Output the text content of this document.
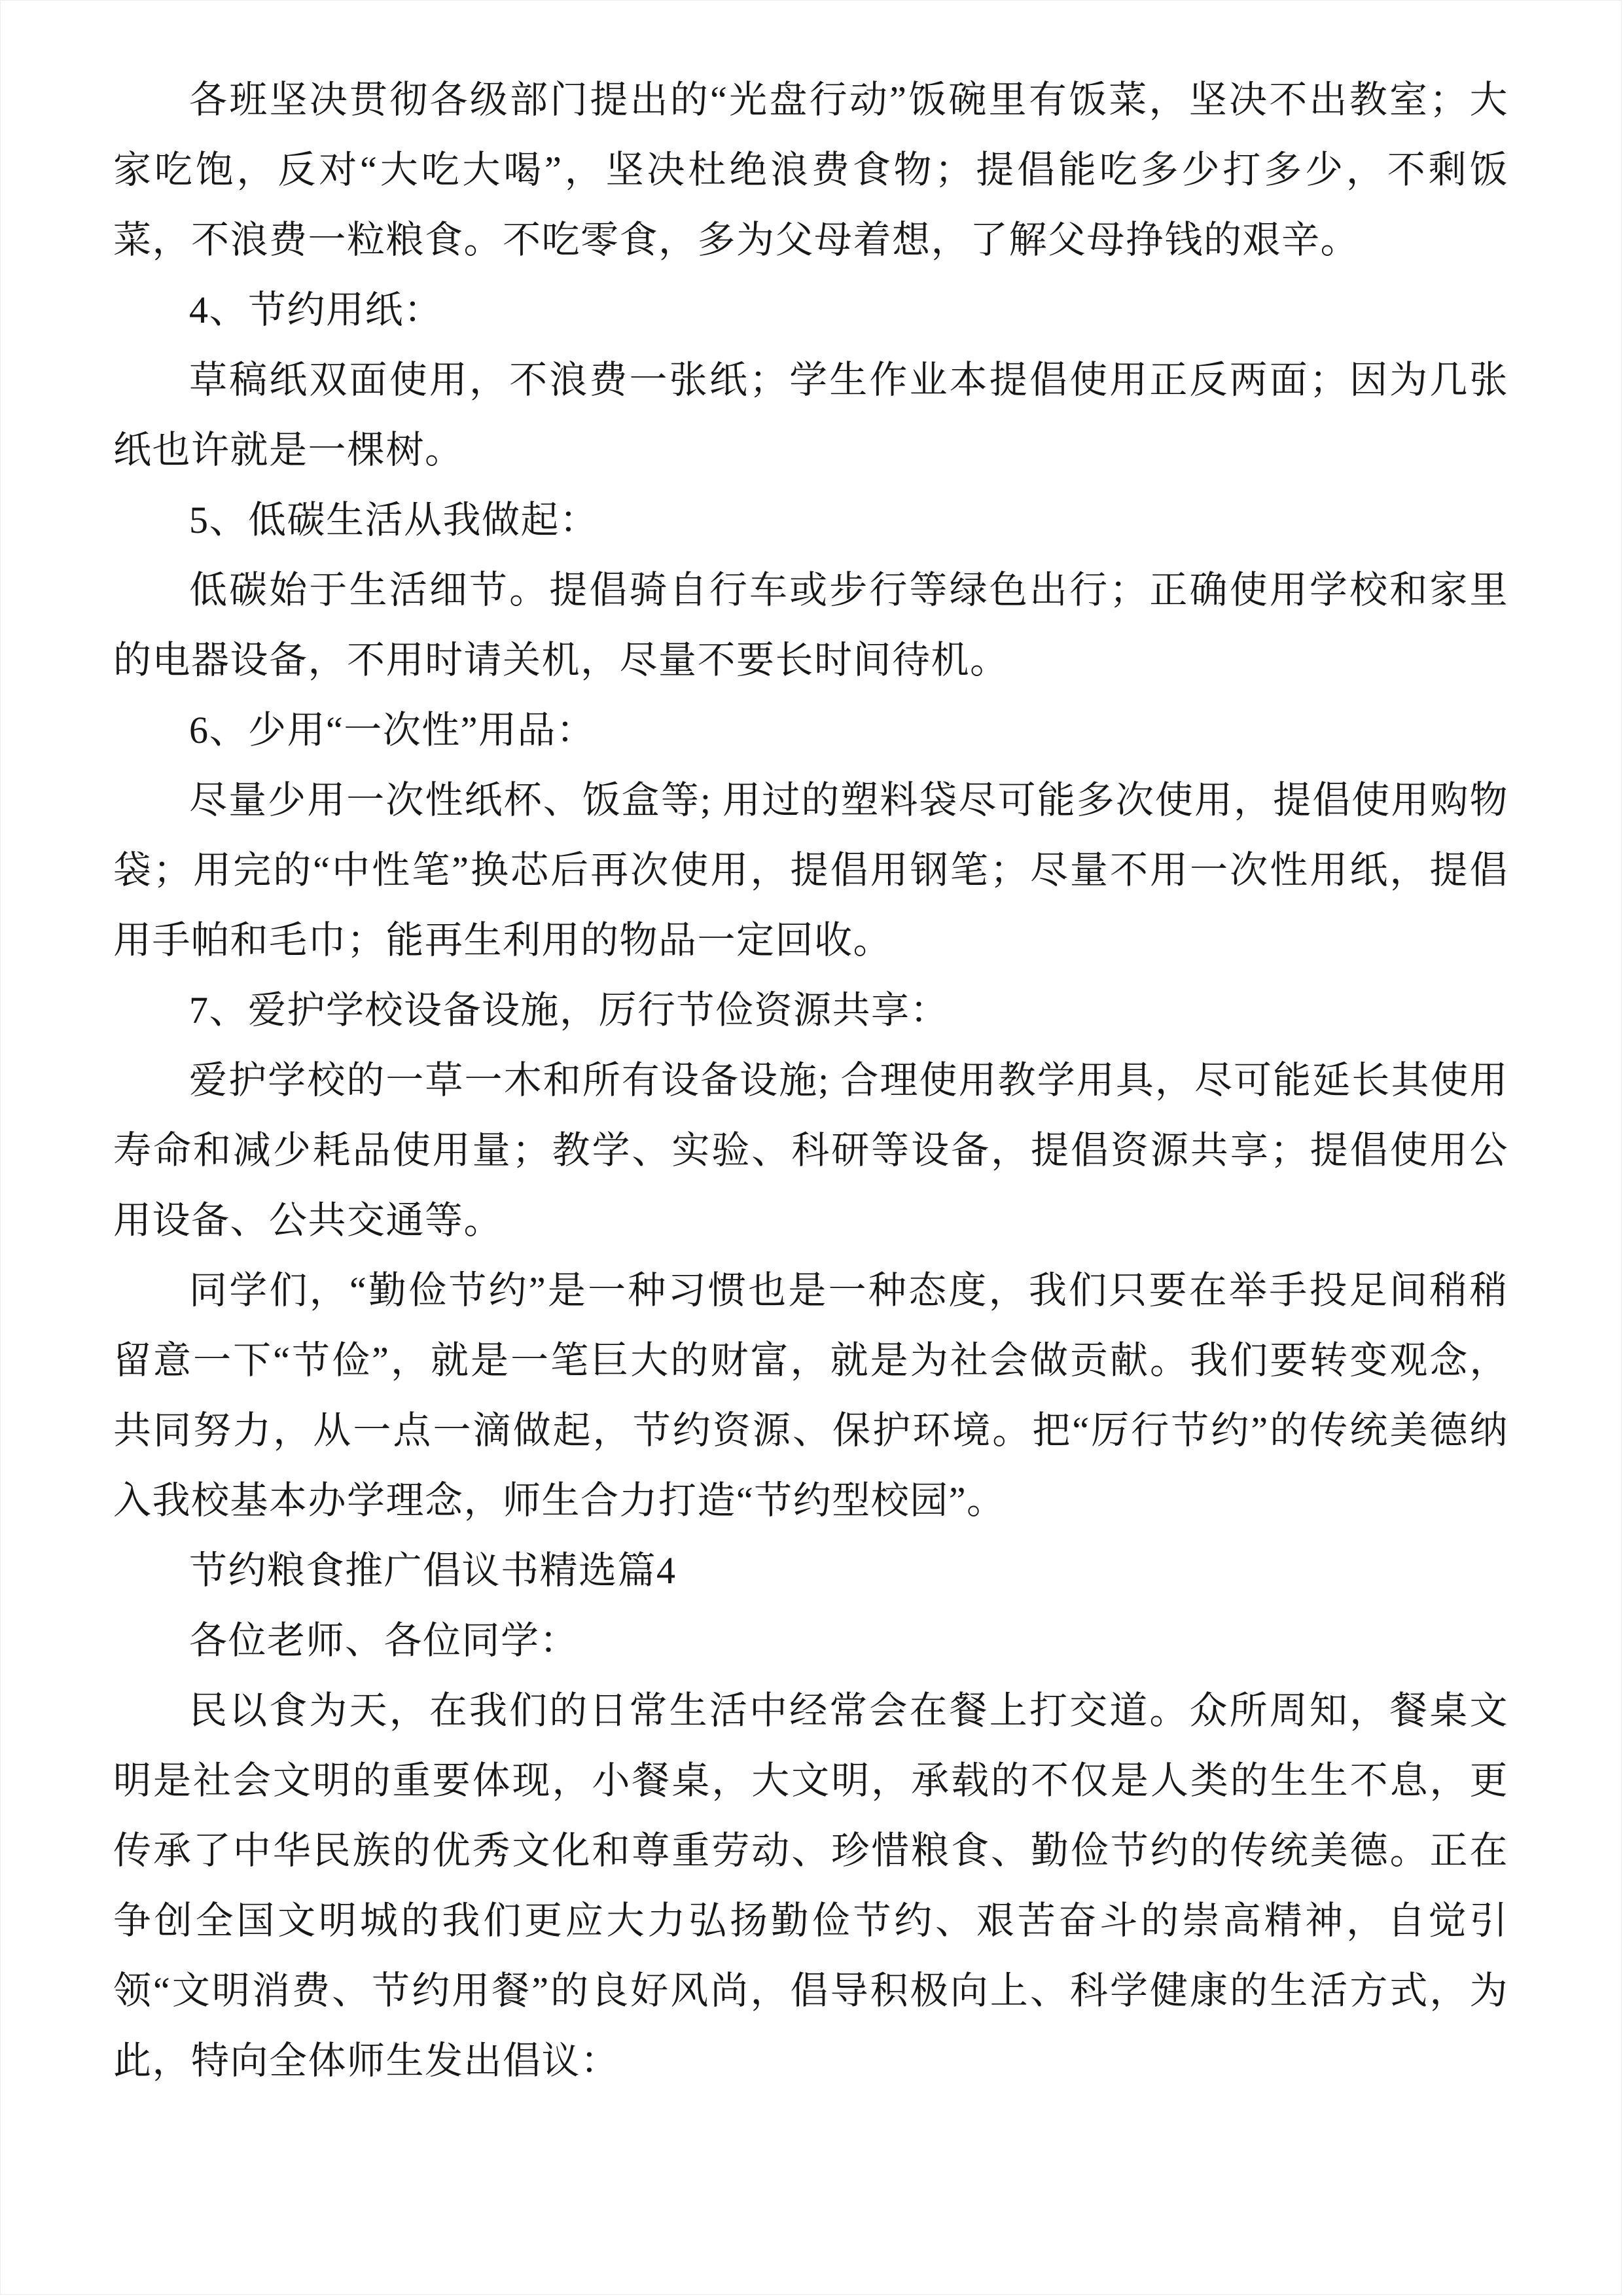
各班坚决贯彻各级部门提出的“光盘行动”饭碗里有饭菜，坚决不出教室；大家吃饱，反对“大吃大喝”，坚决杜绝浪费食物；提倡能吃多少打多少，不剩饭菜，不浪费一粒粮食。不吃零食，多为父母着想，了解父母挣钱的艰辛。

4、节约用纸：

草稿纸双面使用，不浪费一张纸；学生作业本提倡使用正反两面；因为几张纸也许就是一棵树。

5、低碳生活从我做起：

低碳始于生活细节。提倡骑自行车或步行等绿色出行；正确使用学校和家里的电器设备，不用时请关机，尽量不要长时间待机。

6、少用“一次性”用品：

尽量少用一次性纸杯、饭盒等; 用过的塑料袋尽可能多次使用，提倡使用购物袋；用完的“中性笔”换芯后再次使用，提倡用钢笔；尽量不用一次性用纸，提倡用手帕和毛巾；能再生利用的物品一定回收。

7、爱护学校设备设施，厉行节俭资源共享：

爱护学校的一草一木和所有设备设施; 合理使用教学用具，尽可能延长其使用寿命和减少耗品使用量；教学、实验、科研等设备，提倡资源共享；提倡使用公用设备、公共交通等。

同学们，“勤俭节约”是一种习惯也是一种态度，我们只要在举手投足间稍稍留意一下“节俭”，就是一笔巨大的财富，就是为社会做贡献。我们要转变观念，共同努力，从一点一滴做起，节约资源、保护环境。把“厉行节约”的传统美德纳入我校基本办学理念，师生合力打造“节约型校园”。

节约粮食推广倡议书精选篇4

各位老师、各位同学：

民以食为天，在我们的日常生活中经常会在餐上打交道。众所周知，餐桌文明是社会文明的重要体现，小餐桌，大文明，承载的不仅是人类的生生不息，更传承了中华民族的优秀文化和尊重劳动、珍惜粮食、勤俭节约的传统美德。正在争创全国文明城的我们更应大力弘扬勤俭节约、艰苦奋斗的崇高精神，自觉引领“文明消费、节约用餐”的良好风尚，倡导积极向上、科学健康的生活方式，为此，特向全体师生发出倡议：
